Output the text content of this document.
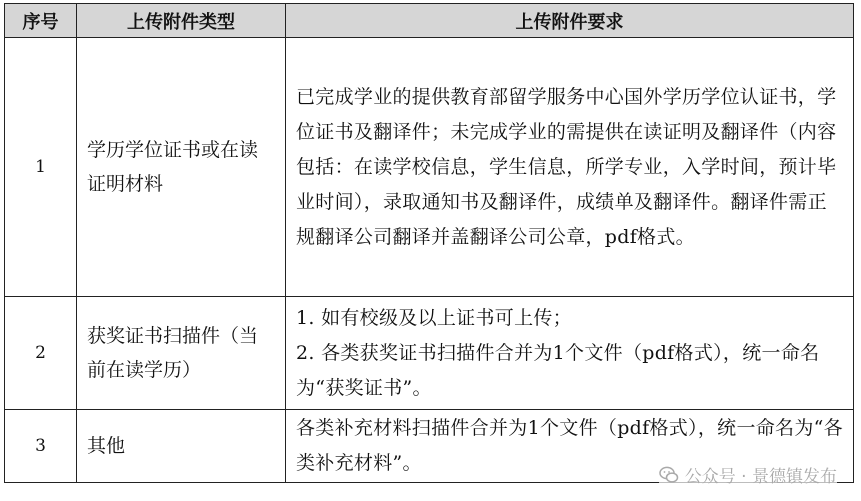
序号	上传附件类型	上传附件要求
1	学历学位证书或在读证明材料	已完成学业的提供教育部留学服务中心国外学历学位认证书，学位证书及翻译件；未完成学业的需提供在读证明及翻译件（内容包括：在读学校信息，学生信息，所学专业，入学时间，预计毕业时间），录取通知书及翻译件，成绩单及翻译件。翻译件需正规翻译公司翻译并盖翻译公司公章，pdf格式。
2	获奖证书扫描件（当前在读学历）	1. 如有校级及以上证书可上传；
2. 各类获奖证书扫描件合并为1个文件（pdf格式），统一命名为“获奖证书”。

3	其他	各类补充材料扫描件合并为1个文件（pdf格式），统一命名为“各类补充材料”。
公众号 · 景德镇发布
